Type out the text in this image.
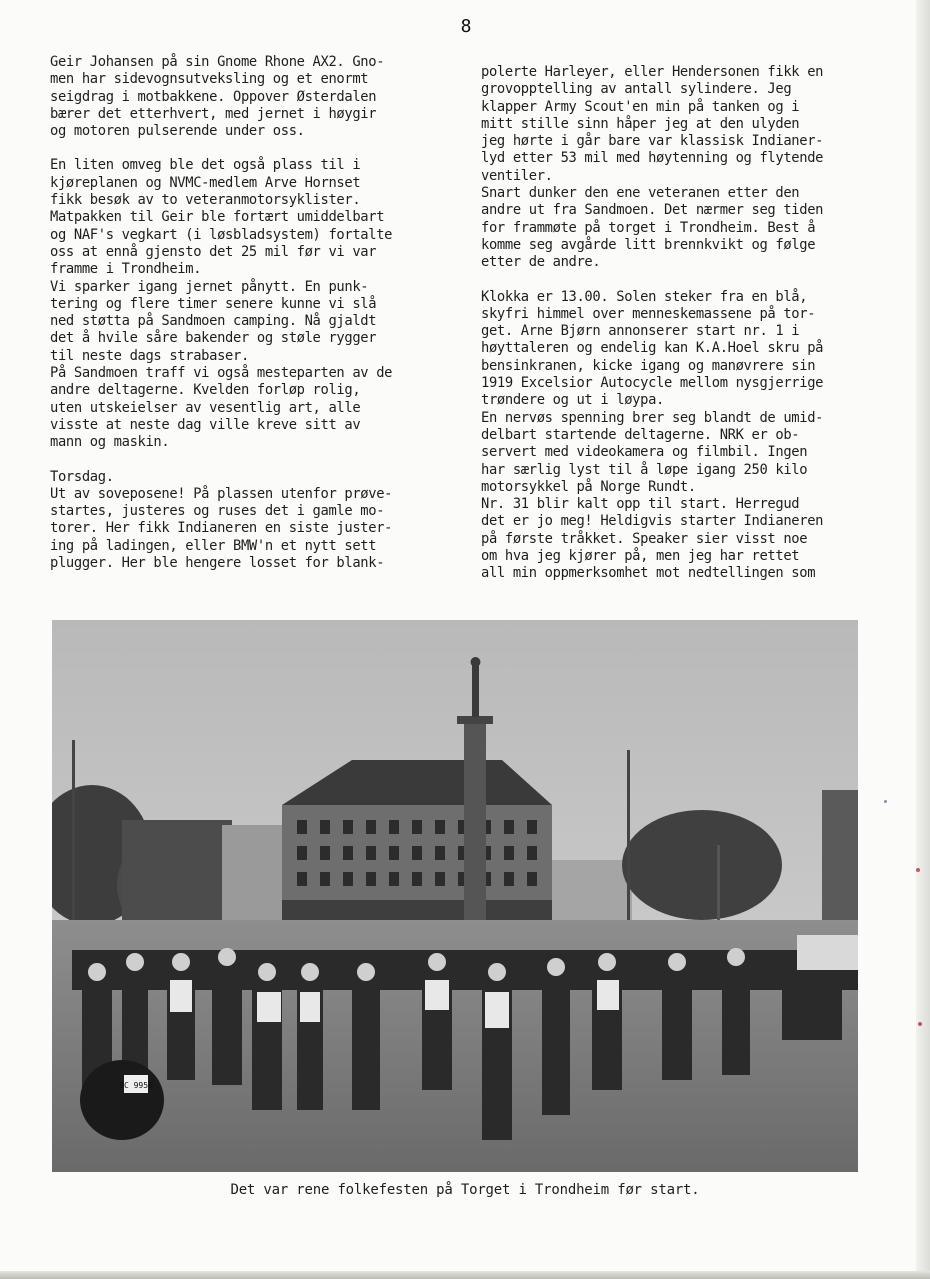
8
Geir Johansen på sin Gnome Rhone AX2. Gno-
men har sidevognsutveksling og et enormt
seigdrag i motbakkene. Oppover Østerdalen
bærer det etterhvert, med jernet i høygir
og motoren pulserende under oss.
En liten omveg ble det også plass til i
kjøreplanen og NVMC-medlem Arve Hornset
fikk besøk av to veteranmotorsyklister.
Matpakken til Geir ble fortært umiddelbart
og NAF's vegkart (i løsbladsystem) fortalte
oss at ennå gjensto det 25 mil før vi var
framme i Trondheim.
Vi sparker igang jernet pånytt. En punk-
tering og flere timer senere kunne vi slå
ned støtta på Sandmoen camping. Nå gjaldt
det å hvile såre bakender og støle rygger
til neste dags strabaser.
På Sandmoen traff vi også mesteparten av de
andre deltagerne. Kvelden forløp rolig,
uten utskeielser av vesentlig art, alle
visste at neste dag ville kreve sitt av
mann og maskin.
Torsdag.
Ut av soveposene! På plassen utenfor prøve-
startes, justeres og ruses det i gamle mo-
torer. Her fikk Indianeren en siste juster-
ing på ladingen, eller BMW'n et nytt sett
plugger. Her ble hengere losset for blank-
polerte Harleyer, eller Hendersonen fikk en
grovopptelling av antall sylindere. Jeg
klapper Army Scout'en min på tanken og i
mitt stille sinn håper jeg at den ulyden
jeg hørte i går bare var klassisk Indianer-
lyd etter 53 mil med høytenning og flytende
ventiler.
Snart dunker den ene veteranen etter den
andre ut fra Sandmoen. Det nærmer seg tiden
for frammøte på torget i Trondheim. Best å
komme seg avgårde litt brennkvikt og følge
etter de andre.
Klokka er 13.00. Solen steker fra en blå,
skyfri himmel over menneskemassene på tor-
get. Arne Bjørn annonserer start nr. 1 i
høyttaleren og endelig kan K.A.Hoel skru på
bensinkranen, kicke igang og manøvrere sin
1919 Excelsior Autocycle mellom nysgjerrige
trøndere og ut i løypa.
En nervøs spenning brer seg blandt de umid-
delbart startende deltagerne. NRK er ob-
servert med videokamera og filmbil. Ingen
har særlig lyst til å løpe igang 250 kilo
motorsykkel på Norge Rundt.
Nr. 31 blir kalt opp til start. Herregud
det er jo meg! Heldigvis starter Indianeren
på første tråkket. Speaker sier visst noe
om hva jeg kjører på, men jeg har rettet
all min oppmerksomhet mot nedtellingen som
BC 9950
Det var rene folkefesten på Torget i Trondheim før start.
